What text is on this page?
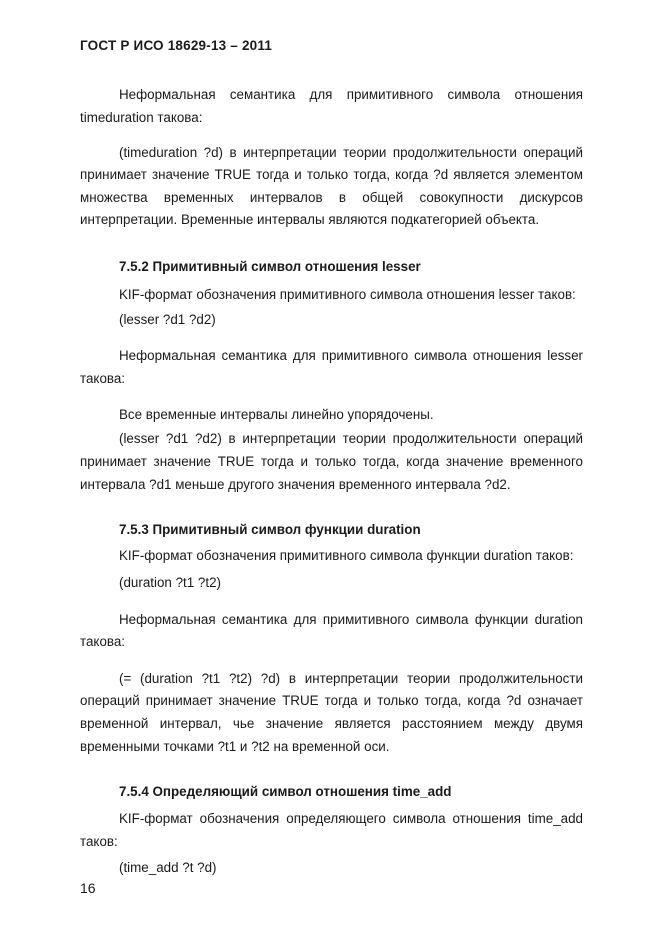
ГОСТ Р ИСО 18629-13 – 2011
Неформальная семантика для примитивного символа отношения
timeduration такова:
(timeduration ?d) в интерпретации теории продолжительности операций
принимает значение TRUE тогда и только тогда, когда ?d является элементом
множества временных интервалов в общей совокупности дискурсов
интерпретации. Временные интервалы являются подкатегорией объекта.
7.5.2 Примитивный символ отношения lesser
KIF-формат обозначения примитивного символа отношения lesser таков:
(lesser ?d1 ?d2)
Неформальная семантика для примитивного символа отношения lesser
такова:
Все временные интервалы линейно упорядочены.
(lesser ?d1 ?d2) в интерпретации теории продолжительности операций
принимает значение TRUE тогда и только тогда, когда значение временного
интервала ?d1 меньше другого значения временного интервала ?d2.
7.5.3 Примитивный символ функции duration
KIF-формат обозначения примитивного символа функции duration таков:
(duration ?t1 ?t2)
Неформальная семантика для примитивного символа функции duration
такова:
(= (duration ?t1 ?t2) ?d) в интерпретации теории продолжительности
операций принимает значение TRUE тогда и только тогда, когда ?d означает
временной интервал, чье значение является расстоянием между двумя
временными точками ?t1 и ?t2 на временной оси.
7.5.4 Определяющий символ отношения time_add
KIF-формат обозначения определяющего символа отношения time_add
таков:
(time_add ?t ?d)
16
